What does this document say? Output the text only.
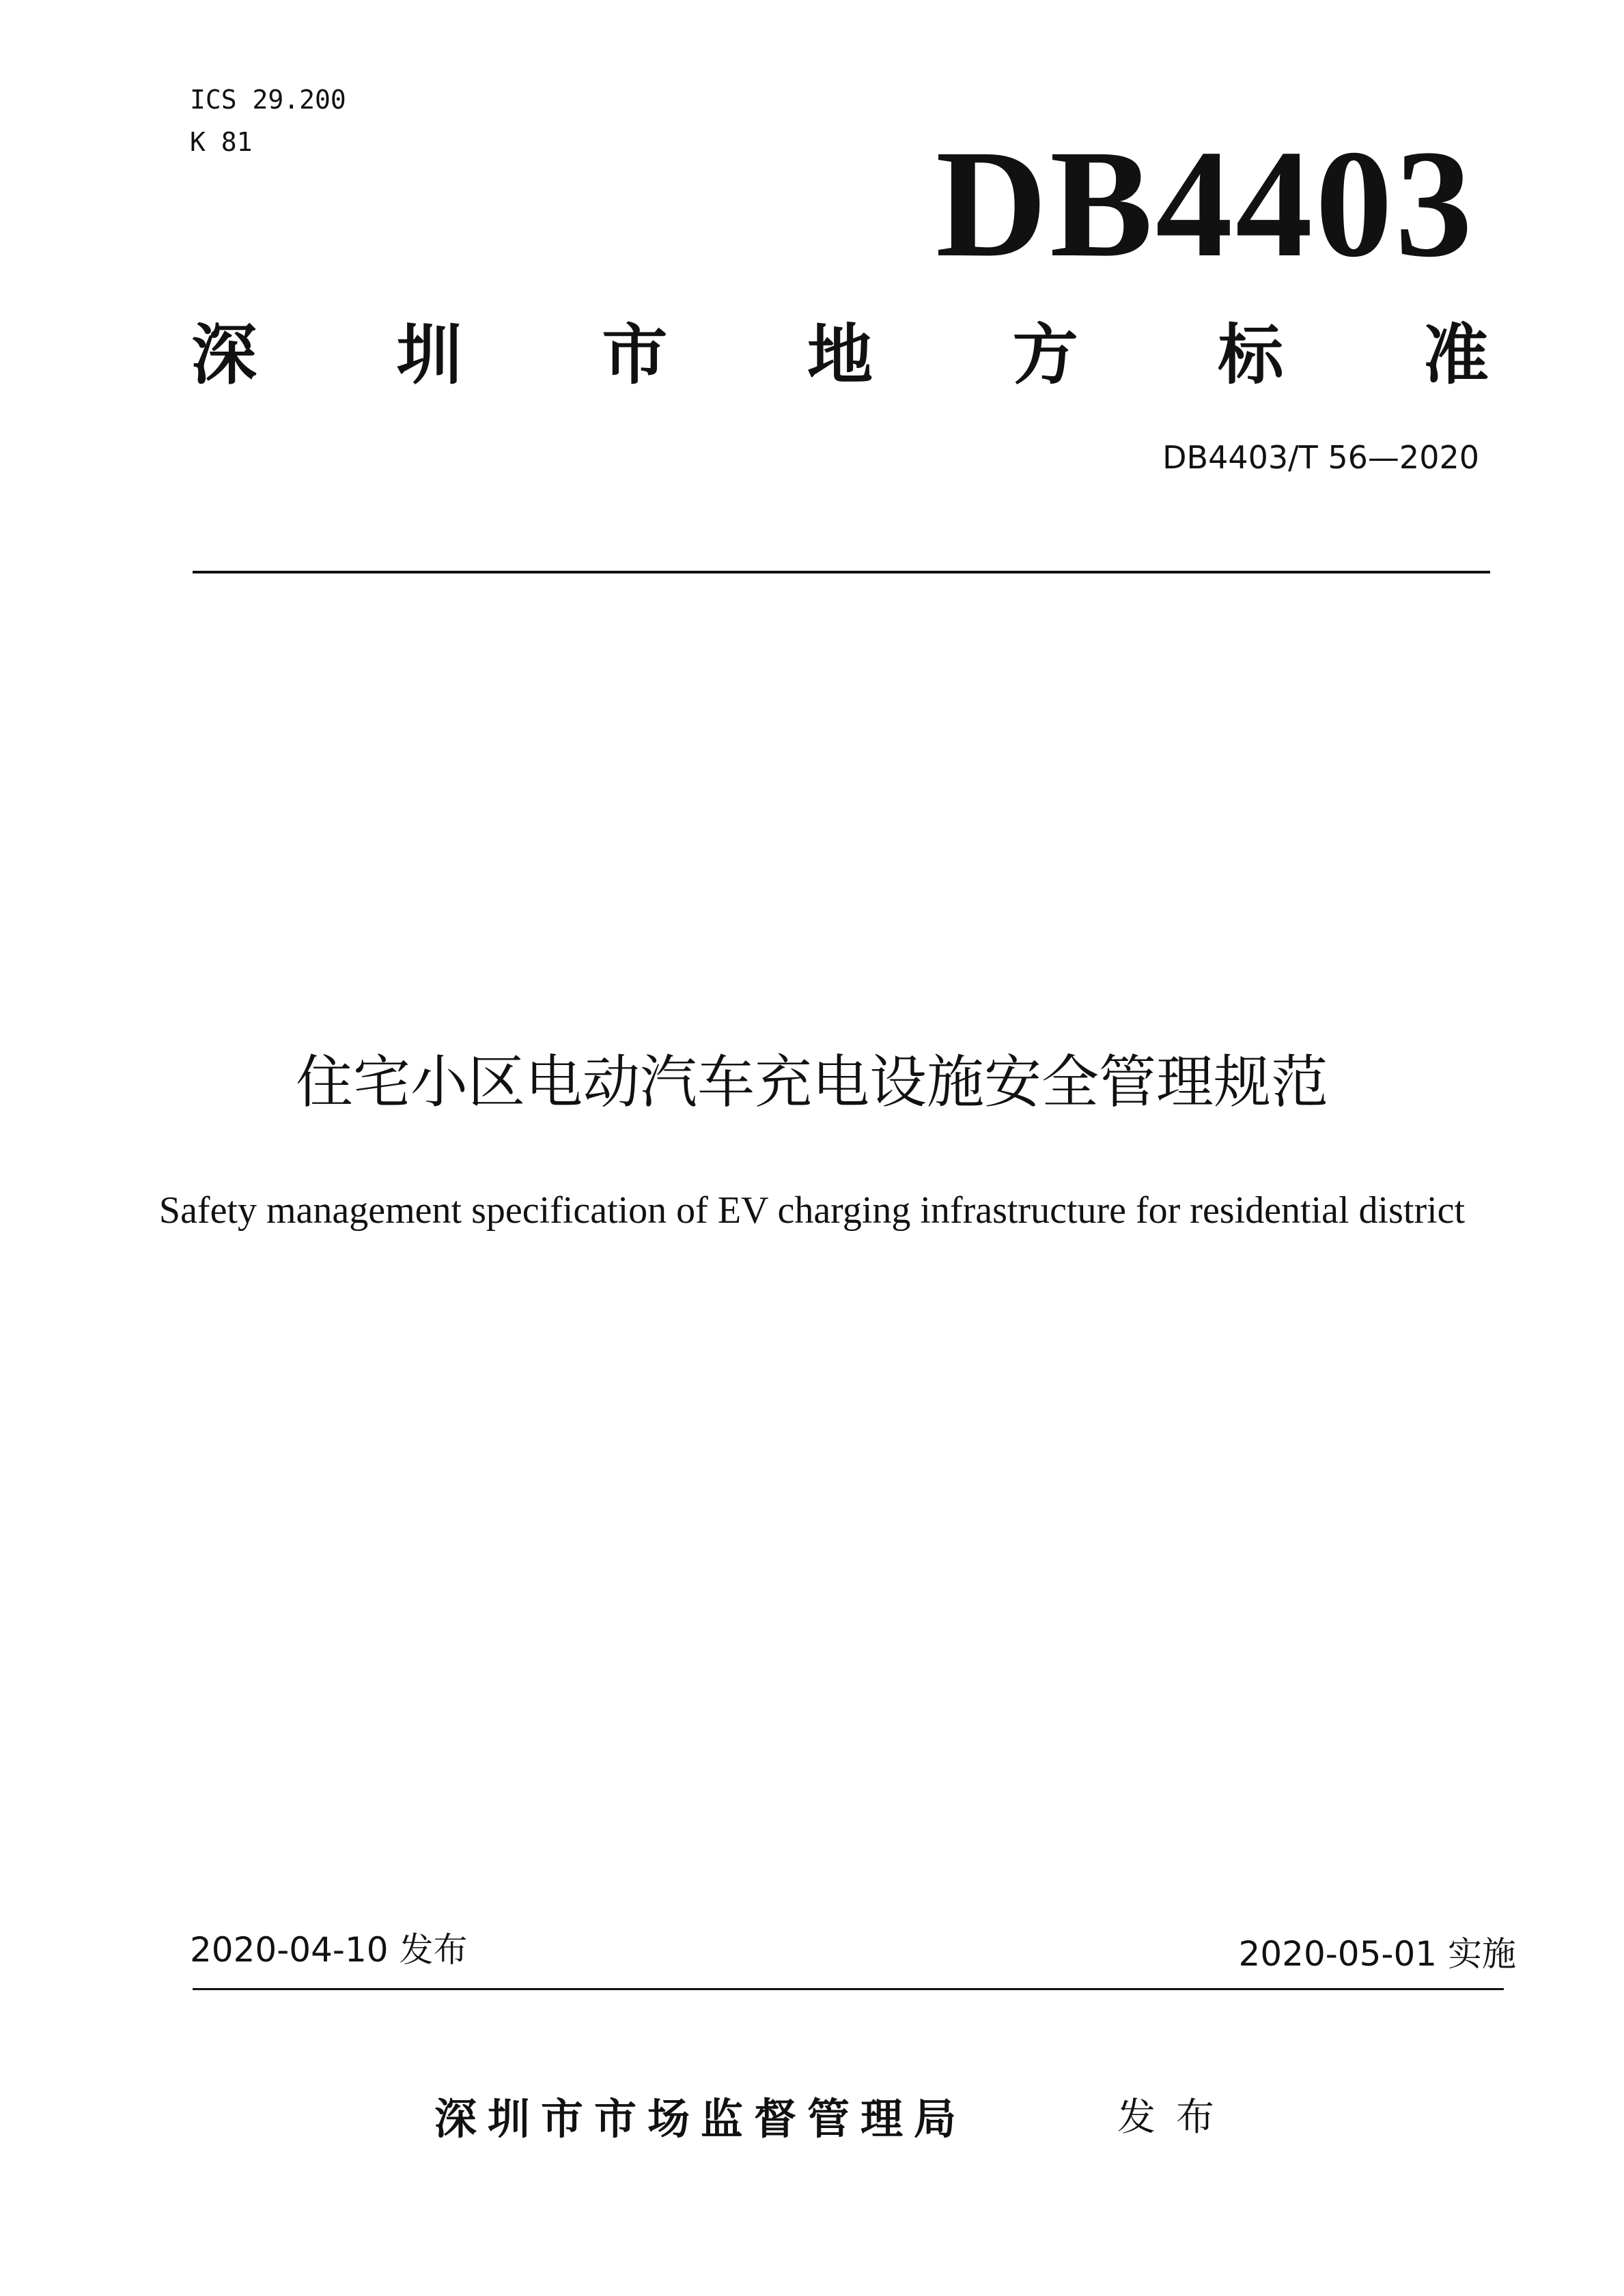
ICS 29.200
K 81	DB4403
深 圳 市 地 方 标 准
DB4403/T 56—2020
住宅小区电动汽车充电设施安全管理规范
Safety management specification of EV charging infrastructure for residential district
2020-04-10 发布	2020-05-01 实施
深圳市市场监督管理局	发布
